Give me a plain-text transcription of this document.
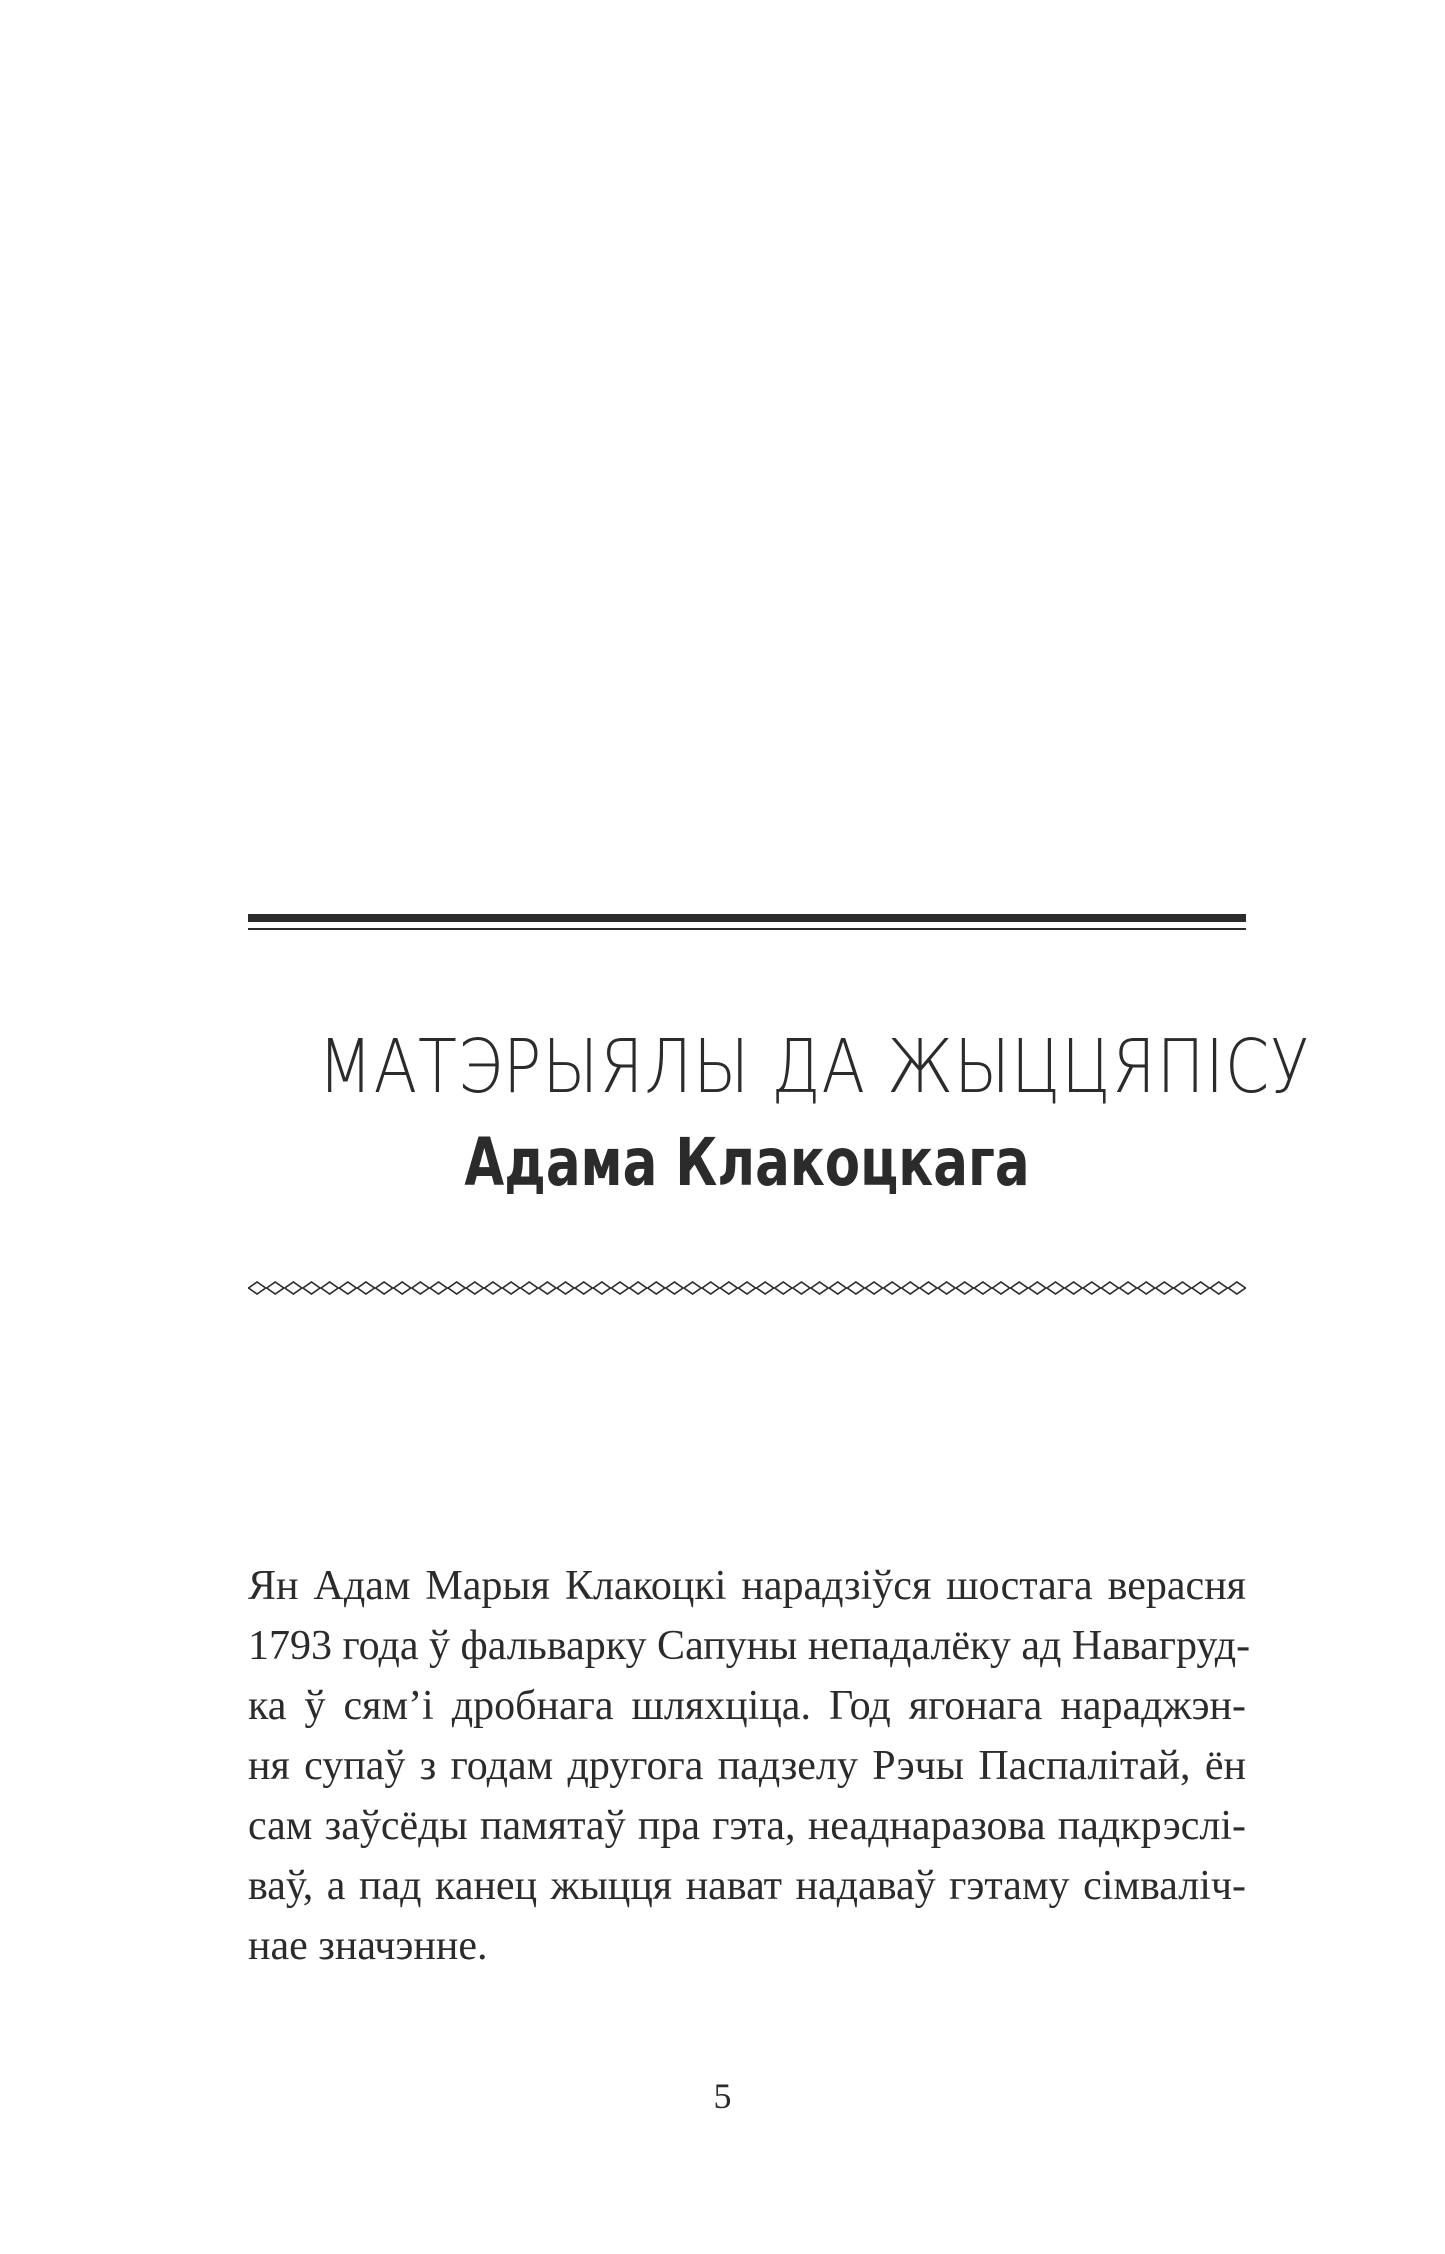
МАТЭРЫЯЛЫ ДА ЖЫЦЦЯПІСУ
Адама Клакоцкага
Ян Адам Марыя Клакоцкі нарадзіўся шостага верасня
1793 года ў фальварку Сапуны непадалёку ад Навагруд-
ка ў сям’і дробнага шляхціца. Год ягонага нараджэн-
ня супаў з годам другога падзелу Рэчы Паспалітай, ён
сам заўсёды памятаў пра гэта, неаднаразова падкрэслі-
ваў, а пад канец жыцця нават надаваў гэтаму сімваліч-
нае значэнне.
5
